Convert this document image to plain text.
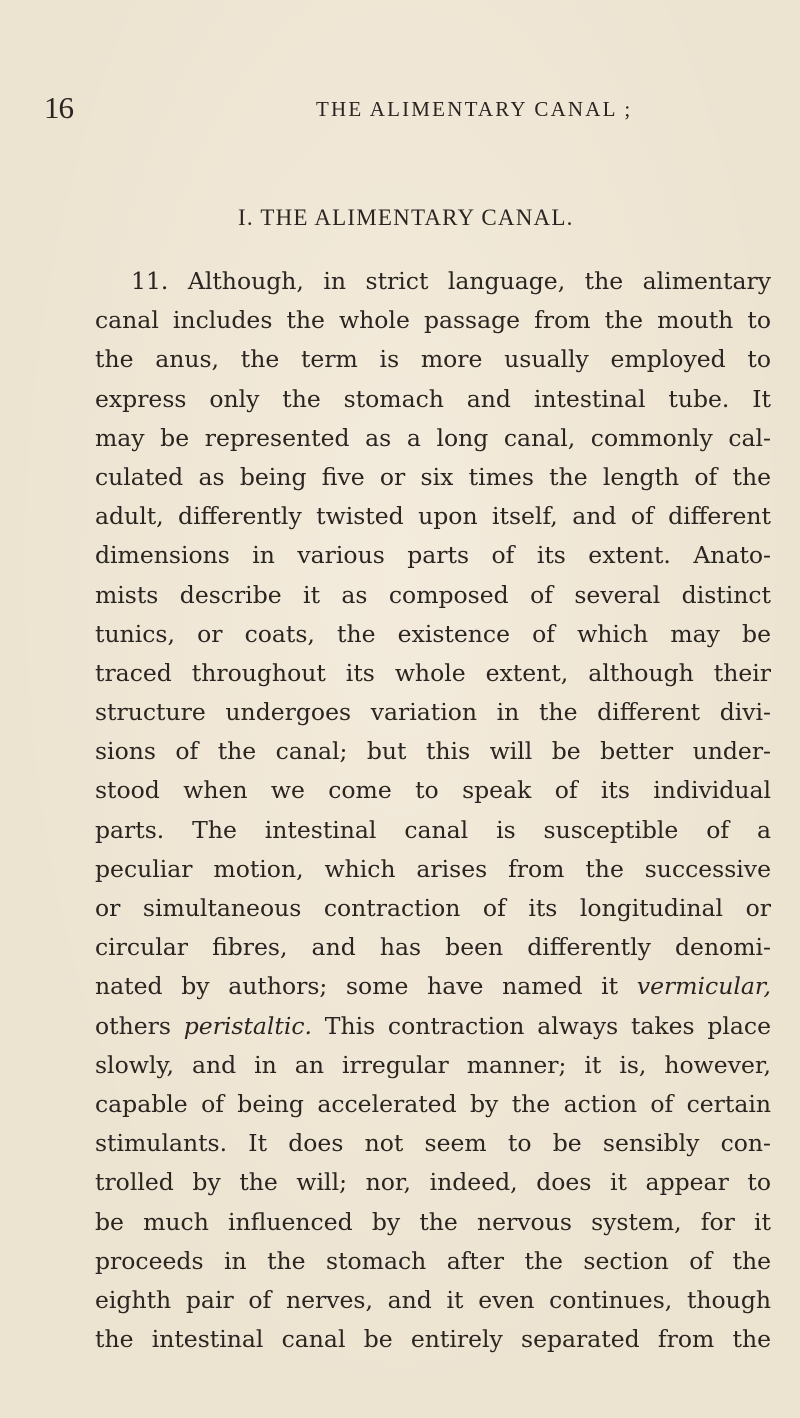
16	THE ALIMENTARY CANAL ;
I. THE ALIMENTARY CANAL.
11. Although, in strict language, the alimentary
canal includes the whole passage from the mouth to
the anus, the term is more usually employed to
express only the stomach and intestinal tube. It
may be represented as a long canal, commonly cal-
culated as being five or six times the length of the
adult, differently twisted upon itself, and of different
dimensions in various parts of its extent. Anato-
mists describe it as composed of several distinct
tunics, or coats, the existence of which may be
traced throughout its whole extent, although their
structure undergoes variation in the different divi-
sions of the canal; but this will be better under-
stood when we come to speak of its individual
parts. The intestinal canal is susceptible of a
peculiar motion, which arises from the successive
or simultaneous contraction of its longitudinal or
circular fibres, and has been differently denomi-
nated by authors; some have named it vermicular,
others peristaltic. This contraction always takes place
slowly, and in an irregular manner; it is, however,
capable of being accelerated by the action of certain
stimulants. It does not seem to be sensibly con-
trolled by the will; nor, indeed, does it appear to
be much influenced by the nervous system, for it
proceeds in the stomach after the section of the
eighth pair of nerves, and it even continues, though
the intestinal canal be entirely separated from the
